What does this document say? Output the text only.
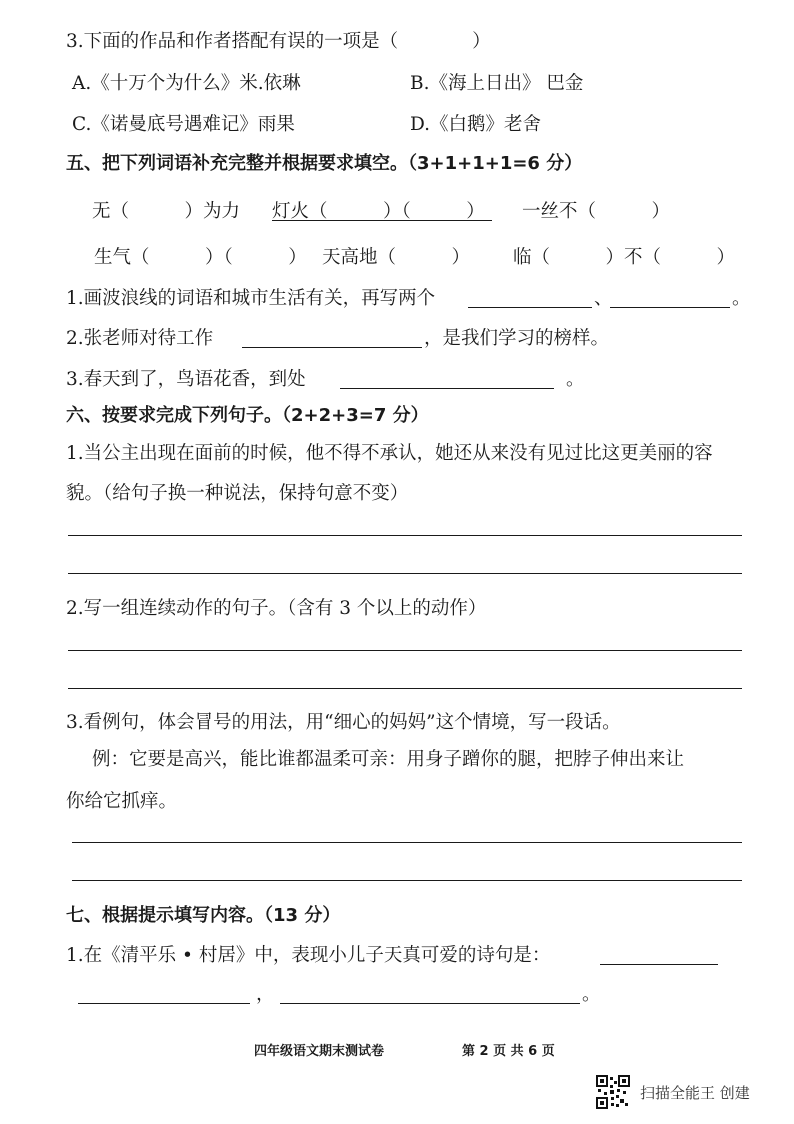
3.下面的作品和作者搭配有误的一项是（　　　　）
A.《十万个为什么》米.依琳	B.《海上日出》 巴金
C.《诺曼底号遇难记》雨果	D.《白鹅》老舍
五、把下列词语补充完整并根据要求填空。（3+1+1+1=6 分）
无（　　　）为力 灯火（　　　）（　　　） 一丝不（　　　）
生气（　　　）（　　　） 天高地（　　　） 临（　　　）不（　　　）
1.画波浪线的词语和城市生活有关，再写两个	、	。
2.张老师对待工作	，是我们学习的榜样。
3.春天到了，鸟语花香，到处	。
六、按要求完成下列句子。（2+2+3=7 分）
1.当公主出现在面前的时候，他不得不承认，她还从来没有见过比这更美丽的容
貌。（给句子换一种说法，保持句意不变）
2.写一组连续动作的句子。（含有 3 个以上的动作）
3.看例句，体会冒号的用法，用“细心的妈妈”这个情境，写一段话。
例：它要是高兴，能比谁都温柔可亲：用身子蹭你的腿，把脖子伸出来让
你给它抓痒。
七、根据提示填写内容。（13 分）
1.在《清平乐 • 村居》中，表现小儿子天真可爱的诗句是：
，	。
四年级语文期末测试卷	第 2 页 共 6 页
扫描全能王 创建
